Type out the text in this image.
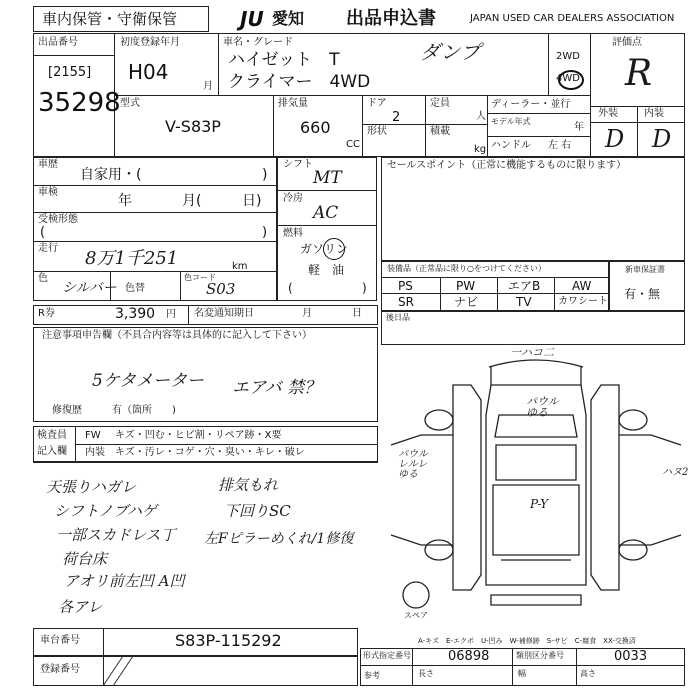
車内保管・守衛保管	JU 愛知 出品申込書	JAPAN USED CAR DEALERS ASSOCIATION
出品番号
[2155]
35298
初度登録年月
H04
月
車名・グレード
ハイゼット　T
クライマー　4WD
ダンプ	2WD
4WD
評価点
R
型式
V-S83P
排気量
660
CC
ドア
2
形状
定員
人
積載
kg
ディーラー・並行
モデル年式
年
ハンドル 左 右
外装	内装
D D
車歴
自家用・(	)
車検
年	月(	日)
受検形態
(	)
走行 8万1千251	km
色
シルバー 色替
色コード
S03
シフト
MT
冷房
AC
燃料
ガソリン
軽　油
(	)
セールスポイント（正常に機能するものに限ります）
装備品（正常品に限り○をつけてください）
PS	PW	エアB	AW
SR	ナビ	TV	カワシート
新車保証書
有・無
R券	3,390 円 名変通知期日	月	日	後日品
注意事項申告欄（不具合内容等は具体的に記入して下さい）
5ケタメーター エアバ 禁？
修復歴	有（箇所 )
検査員
記入欄
FW キズ・凹む・ヒビ割・リペア跡・X要
内装 キズ・汚レ・コゲ・穴・臭い・キレ・破レ
天張りハガレ
シフトノブハゲ
一部スカドレス丁
荷台床
アオリ前左凹 A凹
各アレ
排気もれ
下回りSC
左Fピラーめくれ/1修復
一ハコ二
パウル
ゆる
パウル
レルレ
ゆる
P-Y
ハヌ2
スペア
A-キズ　E-エクボ　U-凹み　W-補修跡　S-サビ　C-腐食　XX-交換済
車台番号	S83P-115292
登録番号
形式指定番号	06898	類別区分番号	0033
参考	長さ	幅	高さ
